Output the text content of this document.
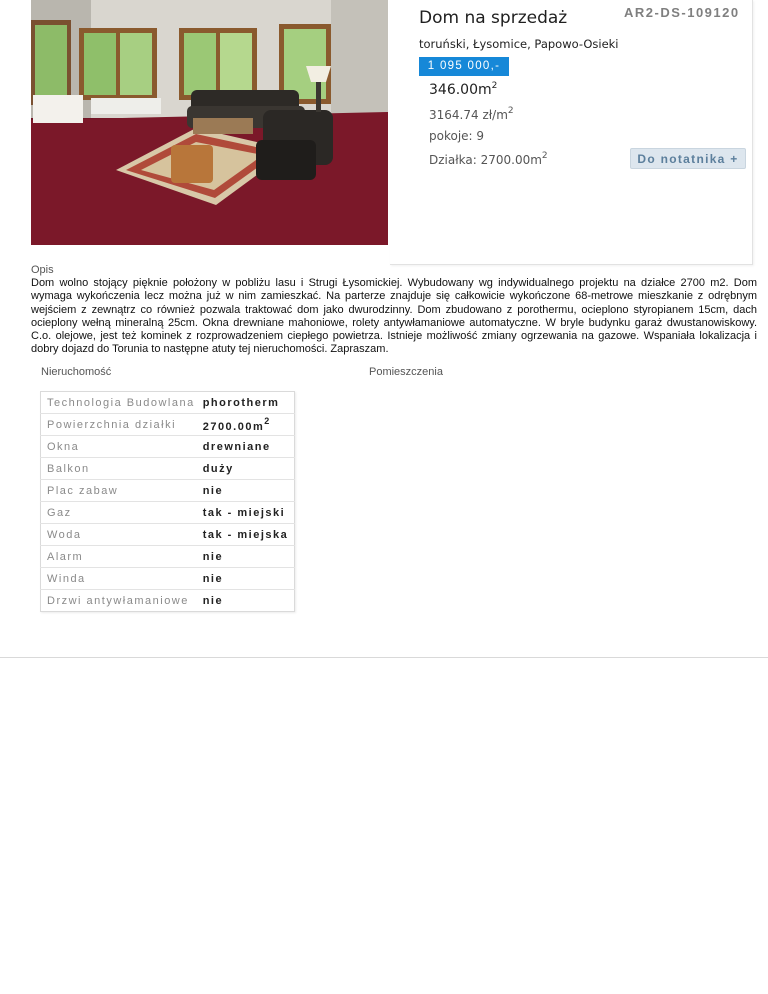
Dom na sprzedaż	AR2-DS-109120
toruński, Łysomice, Papowo-Osieki
1 095 000,-
$346.00m^2$
3164.74 $zł/m^2$
pokoje: 9
Działka: $2700.00m^2$	Do notatnika +
Opis

Dom wolno stojący pięknie położony w pobliżu lasu i Strugi Łysomickiej. Wybudowany wg indywidualnego projektu na działce 2700 m2. Dom wymaga wykończenia lecz można już w nim zamieszkać. Na parterze znajduje się całkowicie wykończone 68-metrowe mieszkanie z odrębnym wejściem z zewnątrz co również pozwala traktować dom jako dwurodzinny. Dom zbudowano z porothermu, ocieplono styropianem 15cm, dach ocieplony wełną mineralną 25cm. Okna drewniane mahoniowe, rolety antywłamaniowe automatyczne. W bryle budynku garaż dwustanowiskowy. C.o. olejowe, jest też kominek z rozprowadzeniem ciepłego powietrza. Istnieje możliwość zmiany ogrzewania na gazowe. Wspaniała lokalizacja i dobry dojazd do Torunia to następne atuty tej nieruchomości. Zapraszam.

Nieruchomość	Pomieszczenia
Technologia Budowlana	phorotherm
Powierzchnia działki	$2700.00m^2$
Okna	drewniane
Balkon	duży
Plac zabaw	nie
Gaz	tak - miejski
Woda	tak - miejska
Alarm	nie
Winda	nie
Drzwi antywłamaniowe	nie
